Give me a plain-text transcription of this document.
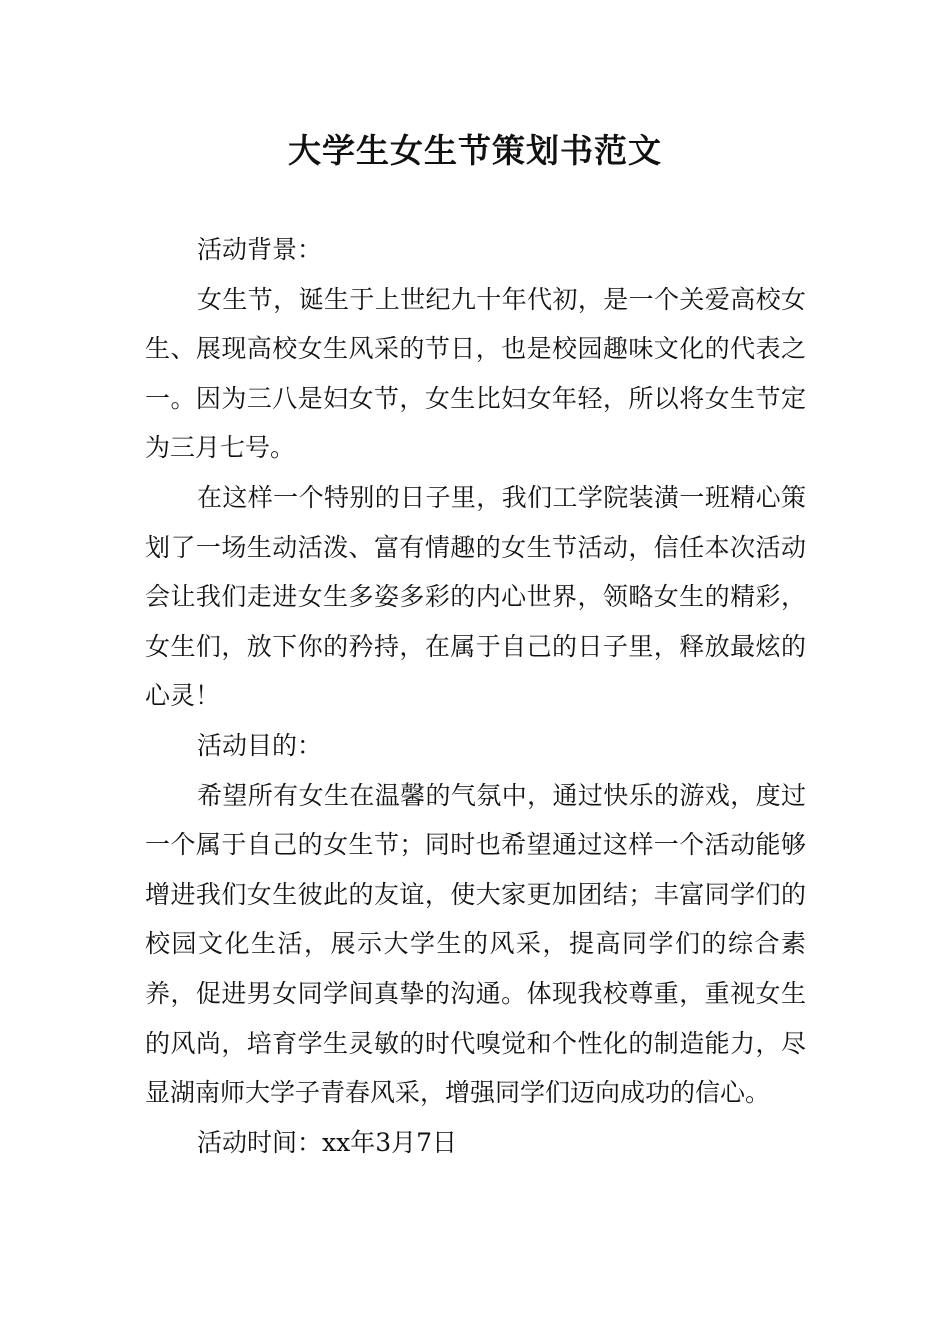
大学生女生节策划书范文

活动背景：

女生节，诞生于上世纪九十年代初，是一个关爱高校女生、展现高校女生风采的节日，也是校园趣味文化的代表之一。因为三八是妇女节，女生比妇女年轻，所以将女生节定为三月七号。

在这样一个特别的日子里，我们工学院装潢一班精心策划了一场生动活泼、富有情趣的女生节活动，信任本次活动会让我们走进女生多姿多彩的内心世界，领略女生的精彩，女生们，放下你的矜持，在属于自己的日子里，释放最炫的心灵！

活动目的：

希望所有女生在温馨的气氛中，通过快乐的游戏，度过一个属于自己的女生节；同时也希望通过这样一个活动能够增进我们女生彼此的友谊，使大家更加团结；丰富同学们的校园文化生活，展示大学生的风采，提高同学们的综合素养，促进男女同学间真挚的沟通。体现我校尊重，重视女生的风尚，培育学生灵敏的时代嗅觉和个性化的制造能力，尽显湖南师大学子青春风采，增强同学们迈向成功的信心。

活动时间：xx年3月7日
